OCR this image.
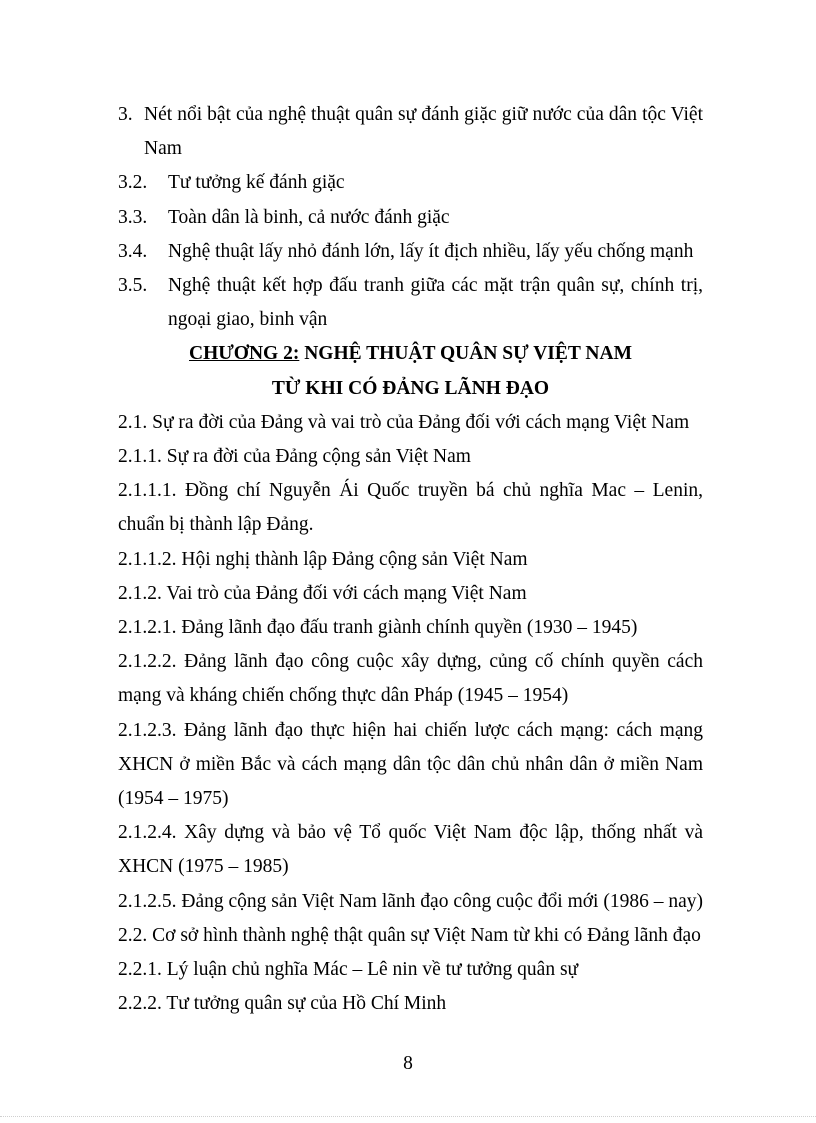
3. Nét nổi bật của nghệ thuật quân sự đánh giặc giữ nước của dân tộc Việt Nam
3.2.	Tư tưởng kế đánh giặc
3.3.	Toàn dân là binh, cả nước đánh giặc
3.4.	Nghệ thuật lấy nhỏ đánh lớn, lấy ít địch nhiều, lấy yếu chống mạnh
3.5.	Nghệ thuật kết hợp đấu tranh giữa các mặt trận quân sự, chính trị, ngoại giao, binh vận

CHƯƠNG 2: NGHỆ THUẬT QUÂN SỰ VIỆT NAM

TỪ KHI CÓ ĐẢNG LÃNH ĐẠO

2.1. Sự ra đời của Đảng và vai trò của Đảng đối với cách mạng Việt Nam

2.1.1. Sự ra đời của Đảng cộng sản Việt Nam

2.1.1.1. Đồng chí Nguyễn Ái Quốc truyền bá chủ nghĩa Mac – Lenin, chuẩn bị thành lập Đảng.

2.1.1.2. Hội nghị thành lập Đảng cộng sản Việt Nam

2.1.2. Vai trò của Đảng đối với cách mạng Việt Nam

2.1.2.1. Đảng lãnh đạo đấu tranh giành chính quyền (1930 – 1945)

2.1.2.2. Đảng lãnh đạo công cuộc xây dựng, củng cố chính quyền cách mạng và kháng chiến chống thực dân Pháp (1945 – 1954)

2.1.2.3. Đảng lãnh đạo thực hiện hai chiến lược cách mạng: cách mạng XHCN ở miền Bắc và cách mạng dân tộc dân chủ nhân dân ở miền Nam (1954 – 1975)

2.1.2.4. Xây dựng và bảo vệ Tổ quốc Việt Nam độc lập, thống nhất và XHCN (1975 – 1985)

2.1.2.5. Đảng cộng sản Việt Nam lãnh đạo công cuộc đổi mới (1986 – nay)

2.2. Cơ sở hình thành nghệ thật quân sự Việt Nam từ khi có Đảng lãnh đạo

2.2.1. Lý luận chủ nghĩa Mác – Lê nin về tư tưởng quân sự

2.2.2. Tư tưởng quân sự của Hồ Chí Minh

8
